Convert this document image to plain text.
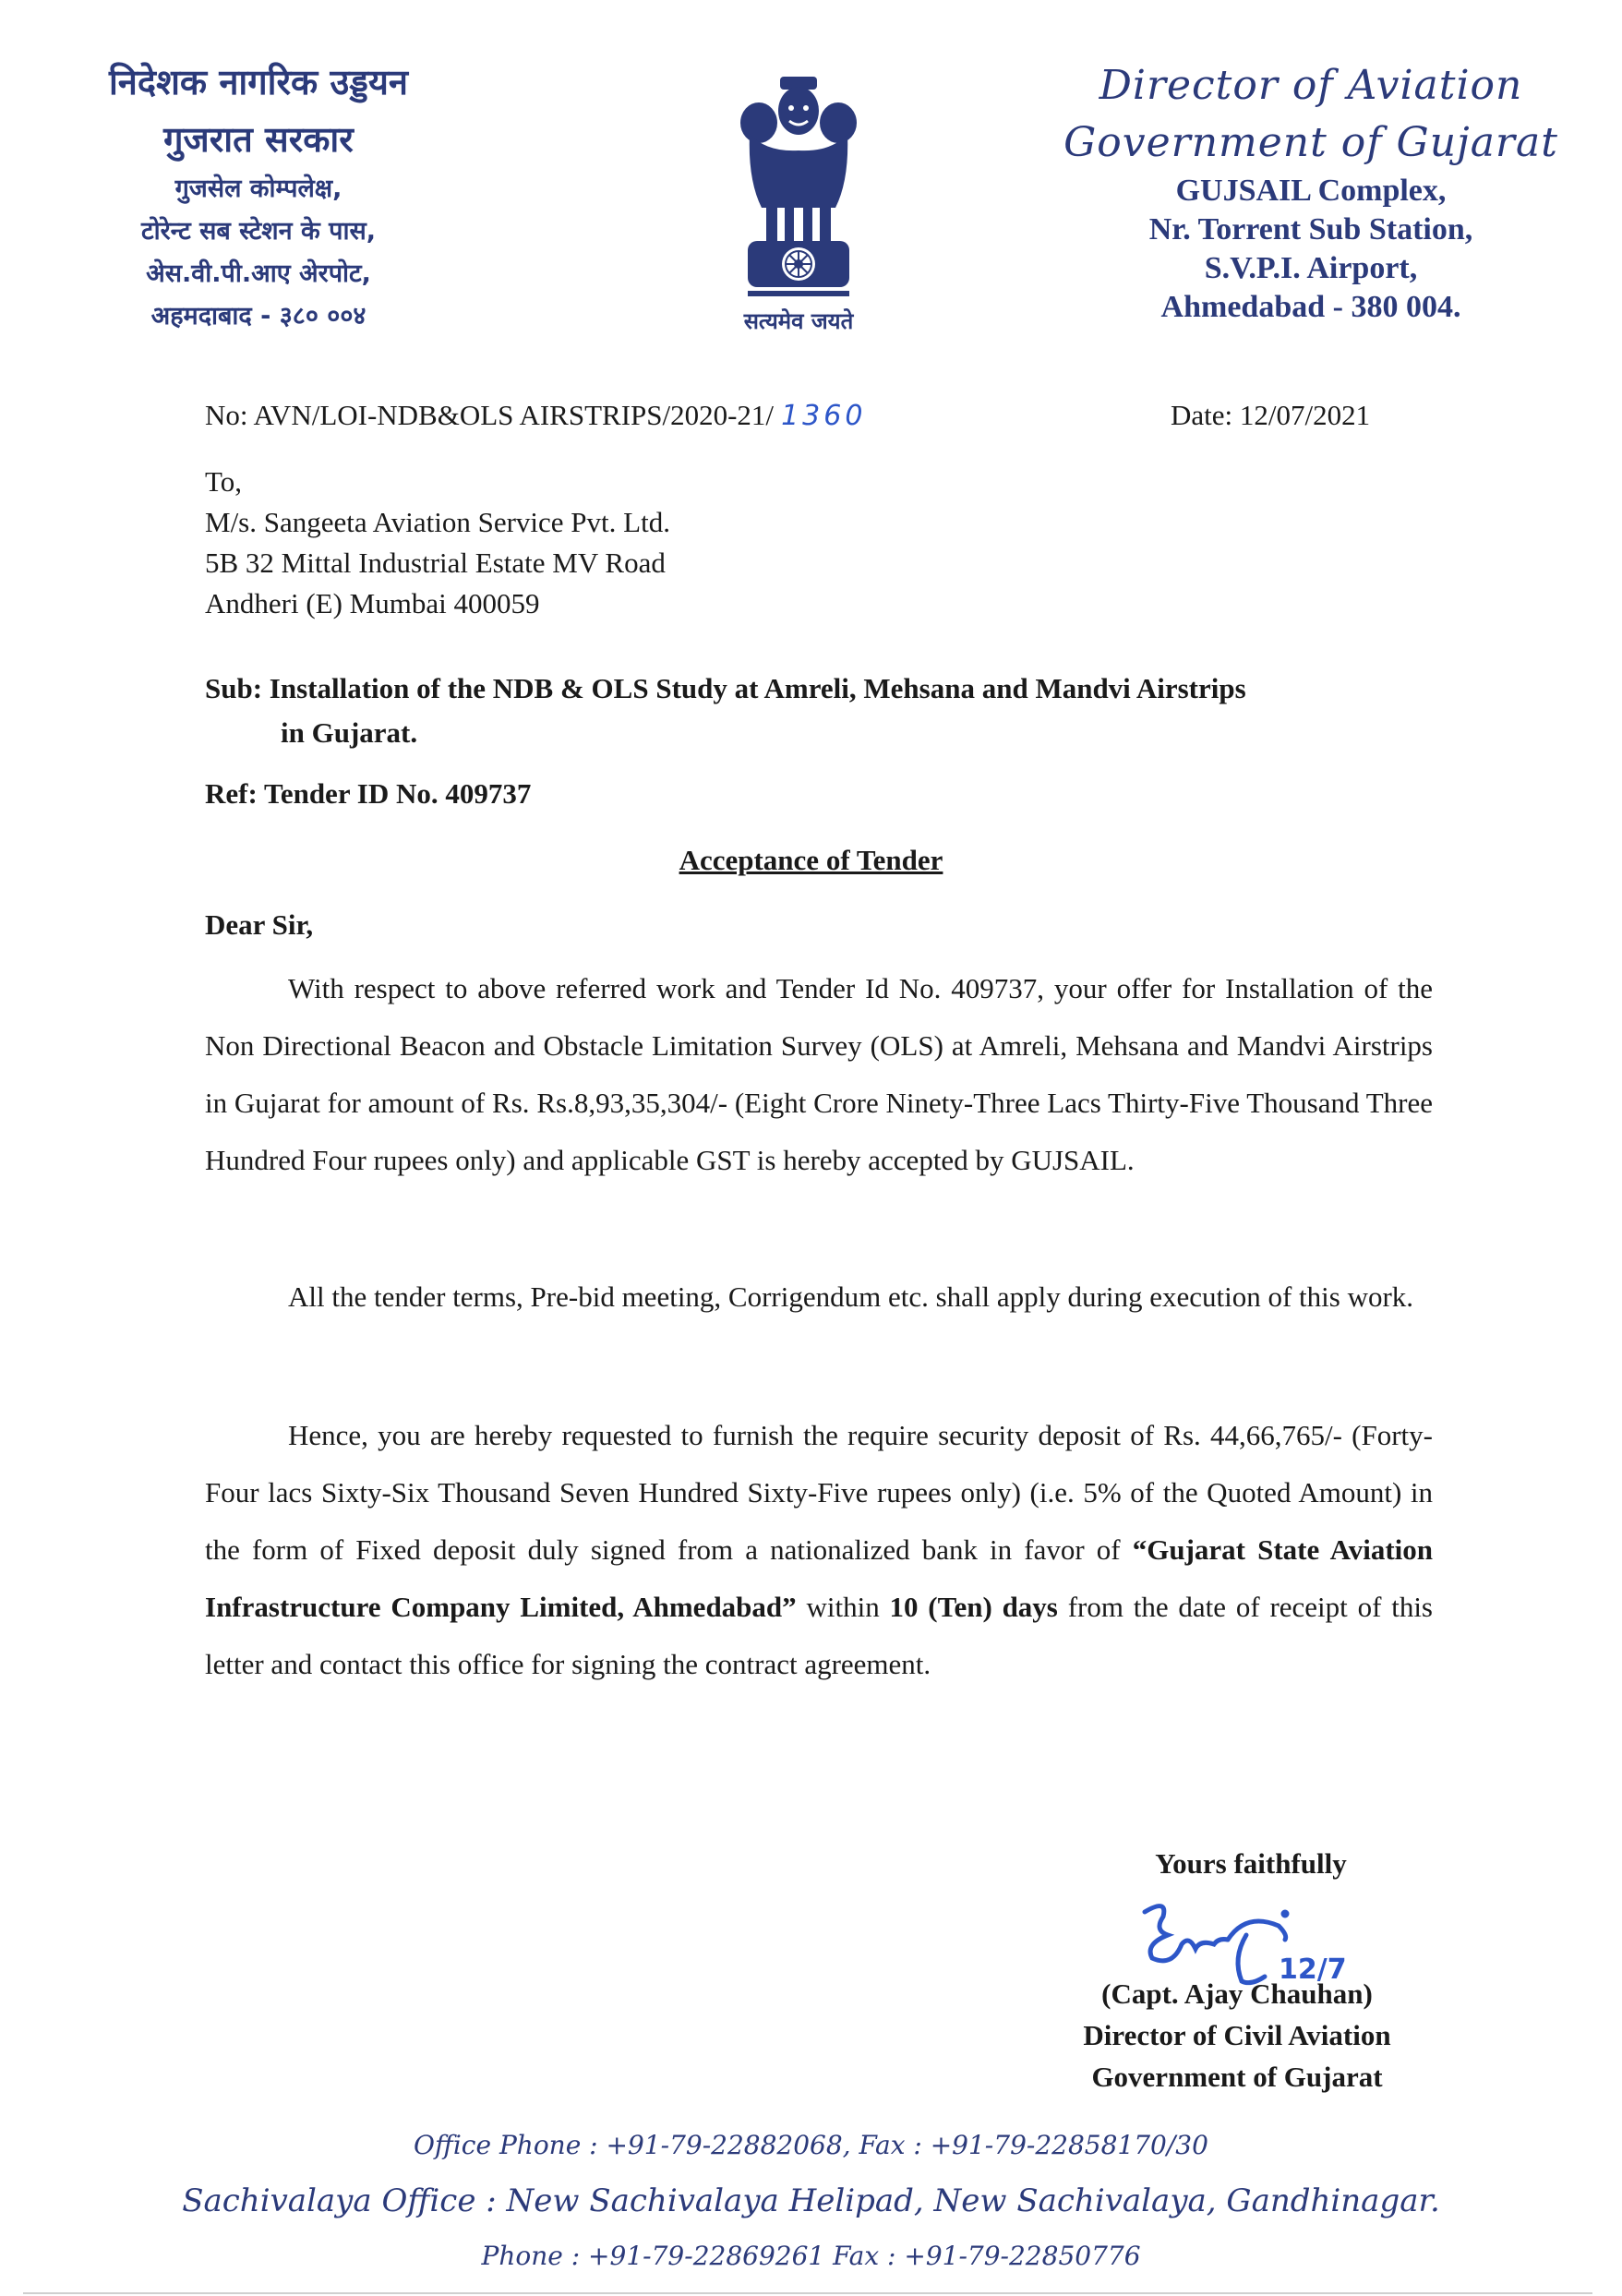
निदेशक नागरिक उड्डयन
गुजरात सरकार
गुजसेल कोम्पलेक्ष,
टोरेन्ट सब स्टेशन के पास,
अेस.वी.पी.आए अेरपोट,
अहमदाबाद - ३८० ००४	सत्यमेव जयते
Director of Aviation
Government of Gujarat
GUJSAIL Complex,
Nr. Torrent Sub Station,
S.V.P.I. Airport,
Ahmedabad - 380 004.
No: AVN/LOI-NDB&OLS AIRSTRIPS/2020-21/ 1360	Date: 12/07/2021
To,
M/s. Sangeeta Aviation Service Pvt. Ltd.
5B 32 Mittal Industrial Estate MV Road
Andheri (E) Mumbai 400059
Sub: Installation of the NDB & OLS Study at Amreli, Mehsana and Mandvi Airstrips
in Gujarat.
Ref: Tender ID No. 409737
Acceptance of Tender
Dear Sir,
With respect to above referred work and Tender Id No. 409737, your offer for Installation of the Non Directional Beacon and Obstacle Limitation Survey (OLS) at Amreli, Mehsana and Mandvi Airstrips in Gujarat for amount of Rs. Rs.8,93,35,304/- (Eight Crore Ninety-Three Lacs Thirty-Five Thousand Three Hundred Four rupees only) and applicable GST is hereby accepted by GUJSAIL.
All the tender terms, Pre-bid meeting, Corrigendum etc. shall apply during execution of this work.
Hence, you are hereby requested to furnish the require security deposit of Rs. 44,66,765/- (Forty-Four lacs Sixty-Six Thousand Seven Hundred Sixty-Five rupees only) (i.e. 5% of the Quoted Amount) in the form of Fixed deposit duly signed from a nationalized bank in favor of “Gujarat State Aviation Infrastructure Company Limited, Ahmedabad” within 10 (Ten) days from the date of receipt of this letter and contact this office for signing the contract agreement.
Yours faithfully
12/7
(Capt. Ajay Chauhan)
Director of Civil Aviation
Government of Gujarat
Office Phone : +91-79-22882068, Fax : +91-79-22858170/30
Sachivalaya Office : New Sachivalaya Helipad, New Sachivalaya, Gandhinagar.
Phone : +91-79-22869261 Fax : +91-79-22850776
